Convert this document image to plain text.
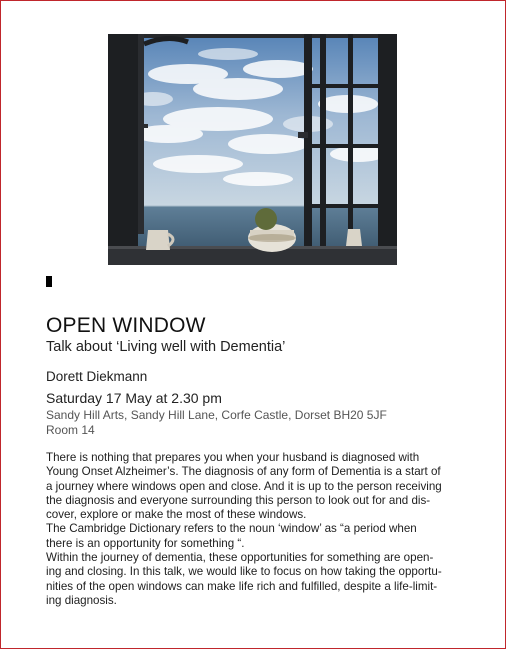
OPEN WINDOW
Talk about ‘Living well with Dementia’
Dorett Diekmann
Saturday 17 May at 2.30 pm
Sandy Hill Arts, Sandy Hill Lane, Corfe Castle, Dorset BH20 5JF
Room 14
There is nothing that prepares you when your husband is diagnosed with
Young Onset Alzheimer’s. The diagnosis of any form of Dementia is a start of
a journey where windows open and close. And it is up to the person receiving
the diagnosis and everyone surrounding this person to look out for and dis-
cover, explore or make the most of these windows.
The Cambridge Dictionary refers to the noun ‘window’ as “a period when
there is an opportunity for something “.
Within the journey of dementia, these opportunities for something are open-
ing and closing. In this talk, we would like to focus on how taking the opportu-
nities of the open windows can make life rich and fulfilled, despite a life-limit-
ing diagnosis.
